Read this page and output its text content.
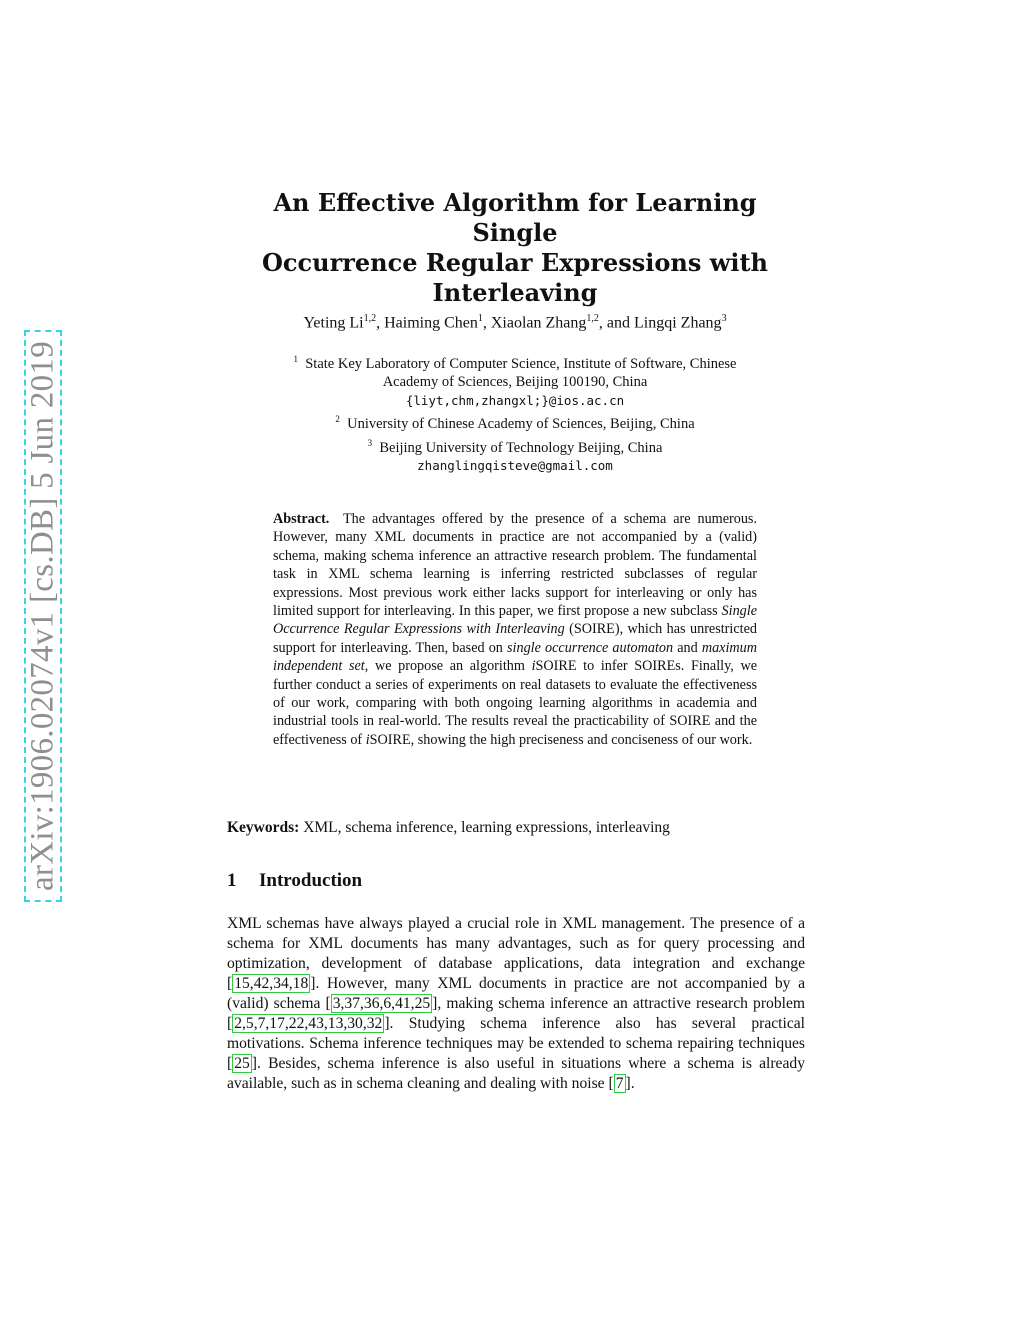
arXiv:1906.02074v1 [cs.DB] 5 Jun 2019
An Effective Algorithm for Learning Single
Occurrence Regular Expressions with
Interleaving
Yeting Li$^{1,2}$, Haiming Chen$^1$, Xiaolan Zhang$^{1,2}$, and Lingqi Zhang$^3$
$^1$ State Key Laboratory of Computer Science, Institute of Software, Chinese
Academy of Sciences, Beijing 100190, China
{liyt,chm,zhangxl;}@ios.ac.cn
$^2$ University of Chinese Academy of Sciences, Beijing, China
$^3$ Beijing University of Technology Beijing, China
zhanglingqisteve@gmail.com
Abstract. The advantages offered by the presence of a schema are numerous. However, many XML documents in practice are not accompanied by a (valid) schema, making schema inference an attractive research problem. The fundamental task in XML schema learning is inferring restricted subclasses of regular expressions. Most previous work either lacks support for interleaving or only has limited support for interleaving. In this paper, we first propose a new subclass Single Occurrence Regular Expressions with Interleaving (SOIRE), which has unrestricted support for interleaving. Then, based on single occurrence automaton and maximum independent set, we propose an algorithm iSOIRE to infer SOIREs. Finally, we further conduct a series of experiments on real datasets to evaluate the effectiveness of our work, comparing with both ongoing learning algorithms in academia and industrial tools in real-world. The results reveal the practicability of SOIRE and the effectiveness of iSOIRE, showing the high preciseness and conciseness of our work.
Keywords: XML, schema inference, learning expressions, interleaving
1 Introduction
XML schemas have always played a crucial role in XML management. The presence of a schema for XML documents has many advantages, such as for query processing and optimization, development of database applications, data integration and exchange [ 15,42,34,18 ]. However, many XML documents in practice are not accompanied by a (valid) schema [ 3,37,36,6,41,25 ], making schema inference an attractive research problem [ 2,5,7,17,22,43,13,30,32 ]. Studying schema inference also has several practical motivations. Schema inference techniques may be extended to schema repairing techniques [ 25 ]. Besides, schema inference is also useful in situations where a schema is already available, such as in schema cleaning and dealing with noise [ 7 ].
